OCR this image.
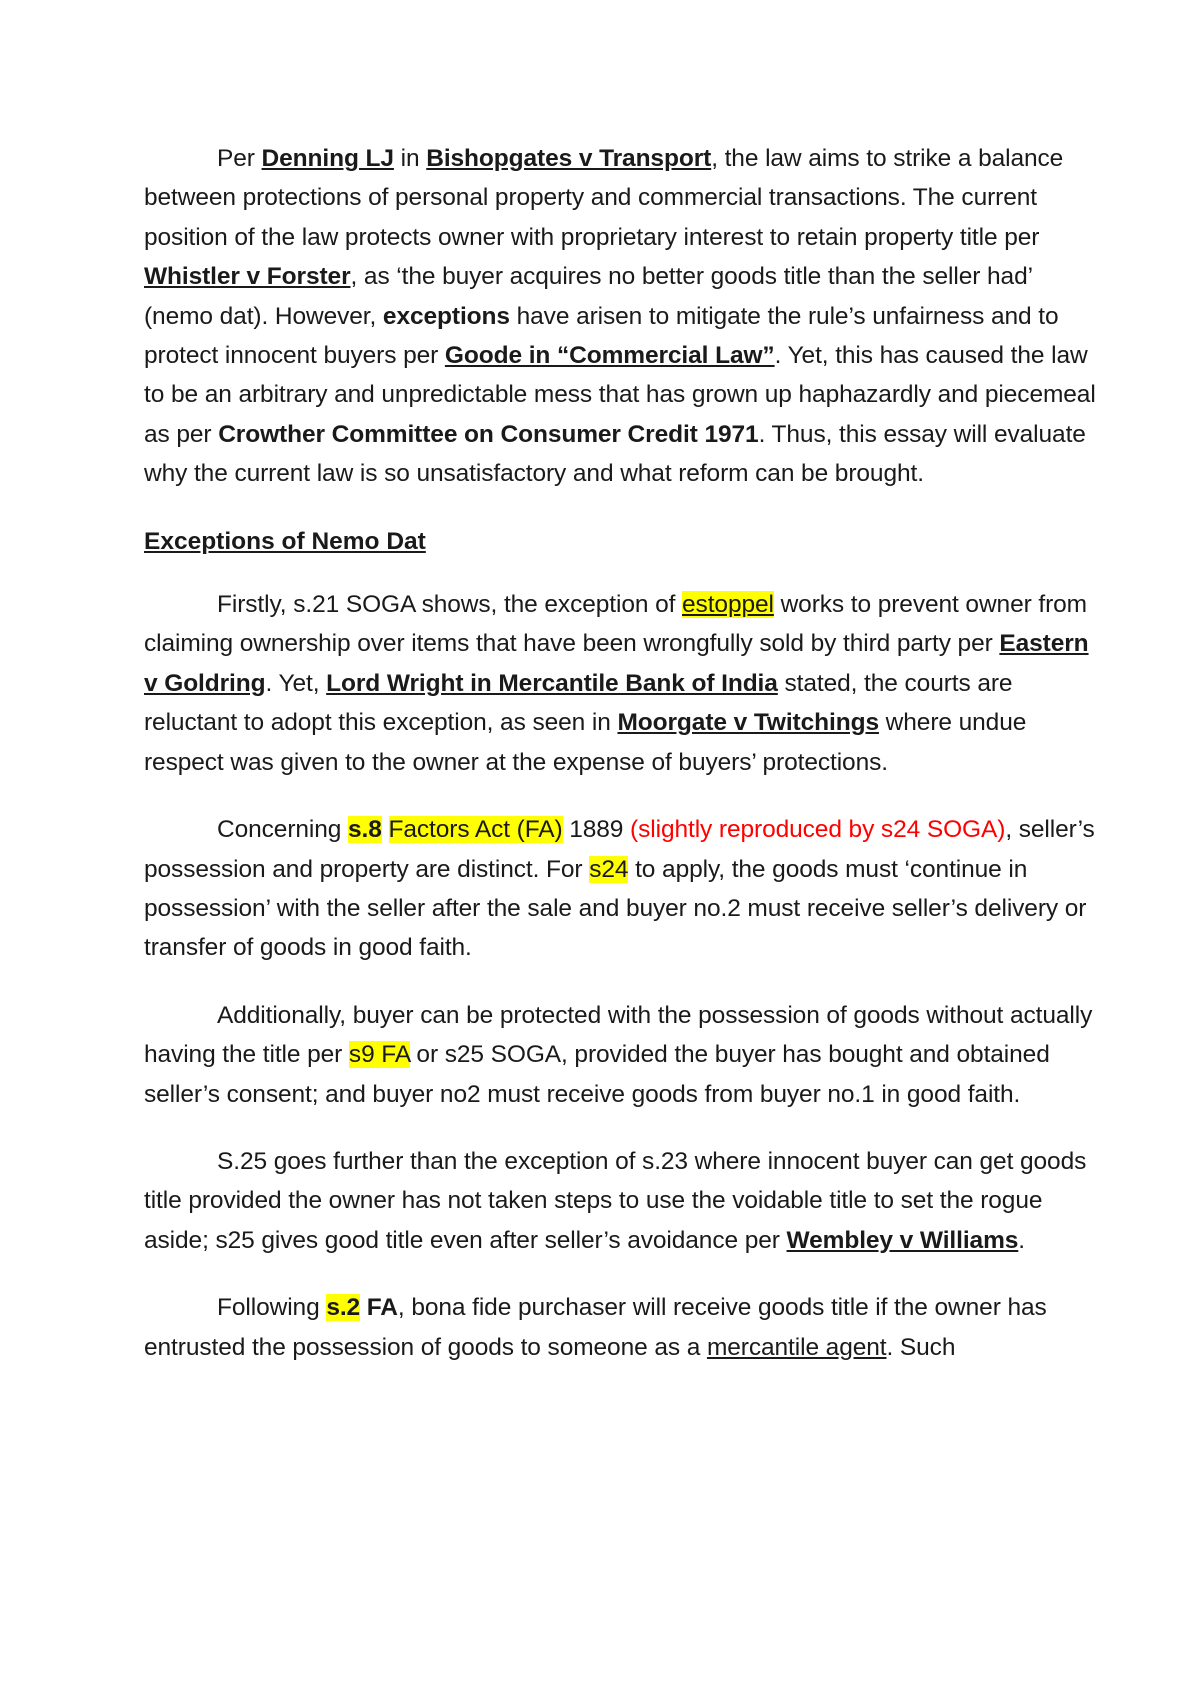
Per Denning LJ in Bishopgates v Transport, the law aims to strike a balance between protections of personal property and commercial transactions. The current position of the law protects owner with proprietary interest to retain property title per Whistler v Forster, as ‘the buyer acquires no better goods title than the seller had’ (nemo dat). However, exceptions have arisen to mitigate the rule’s unfairness and to protect innocent buyers per Goode in “Commercial Law”. Yet, this has caused the law to be an arbitrary and unpredictable mess that has grown up haphazardly and piecemeal as per Crowther Committee on Consumer Credit 1971. Thus, this essay will evaluate why the current law is so unsatisfactory and what reform can be brought.

Exceptions of Nemo Dat

Firstly, s.21 SOGA shows, the exception of estoppel works to prevent owner from claiming ownership over items that have been wrongfully sold by third party per Eastern v Goldring. Yet, Lord Wright in Mercantile Bank of India stated, the courts are reluctant to adopt this exception, as seen in Moorgate v Twitchings where undue respect was given to the owner at the expense of buyers’ protections.

Concerning s.8 Factors Act (FA) 1889 (slightly reproduced by s24 SOGA), seller’s possession and property are distinct. For s24 to apply, the goods must ‘continue in possession’ with the seller after the sale and buyer no.2 must receive seller’s delivery or transfer of goods in good faith.

Additionally, buyer can be protected with the possession of goods without actually having the title per s9 FA or s25 SOGA, provided the buyer has bought and obtained seller’s consent; and buyer no2 must receive goods from buyer no.1 in good faith.

S.25 goes further than the exception of s.23 where innocent buyer can get goods title provided the owner has not taken steps to use the voidable title to set the rogue aside; s25 gives good title even after seller’s avoidance per Wembley v Williams.

Following s.2 FA, bona fide purchaser will receive goods title if the owner has entrusted the possession of goods to someone as a mercantile agent. Such
